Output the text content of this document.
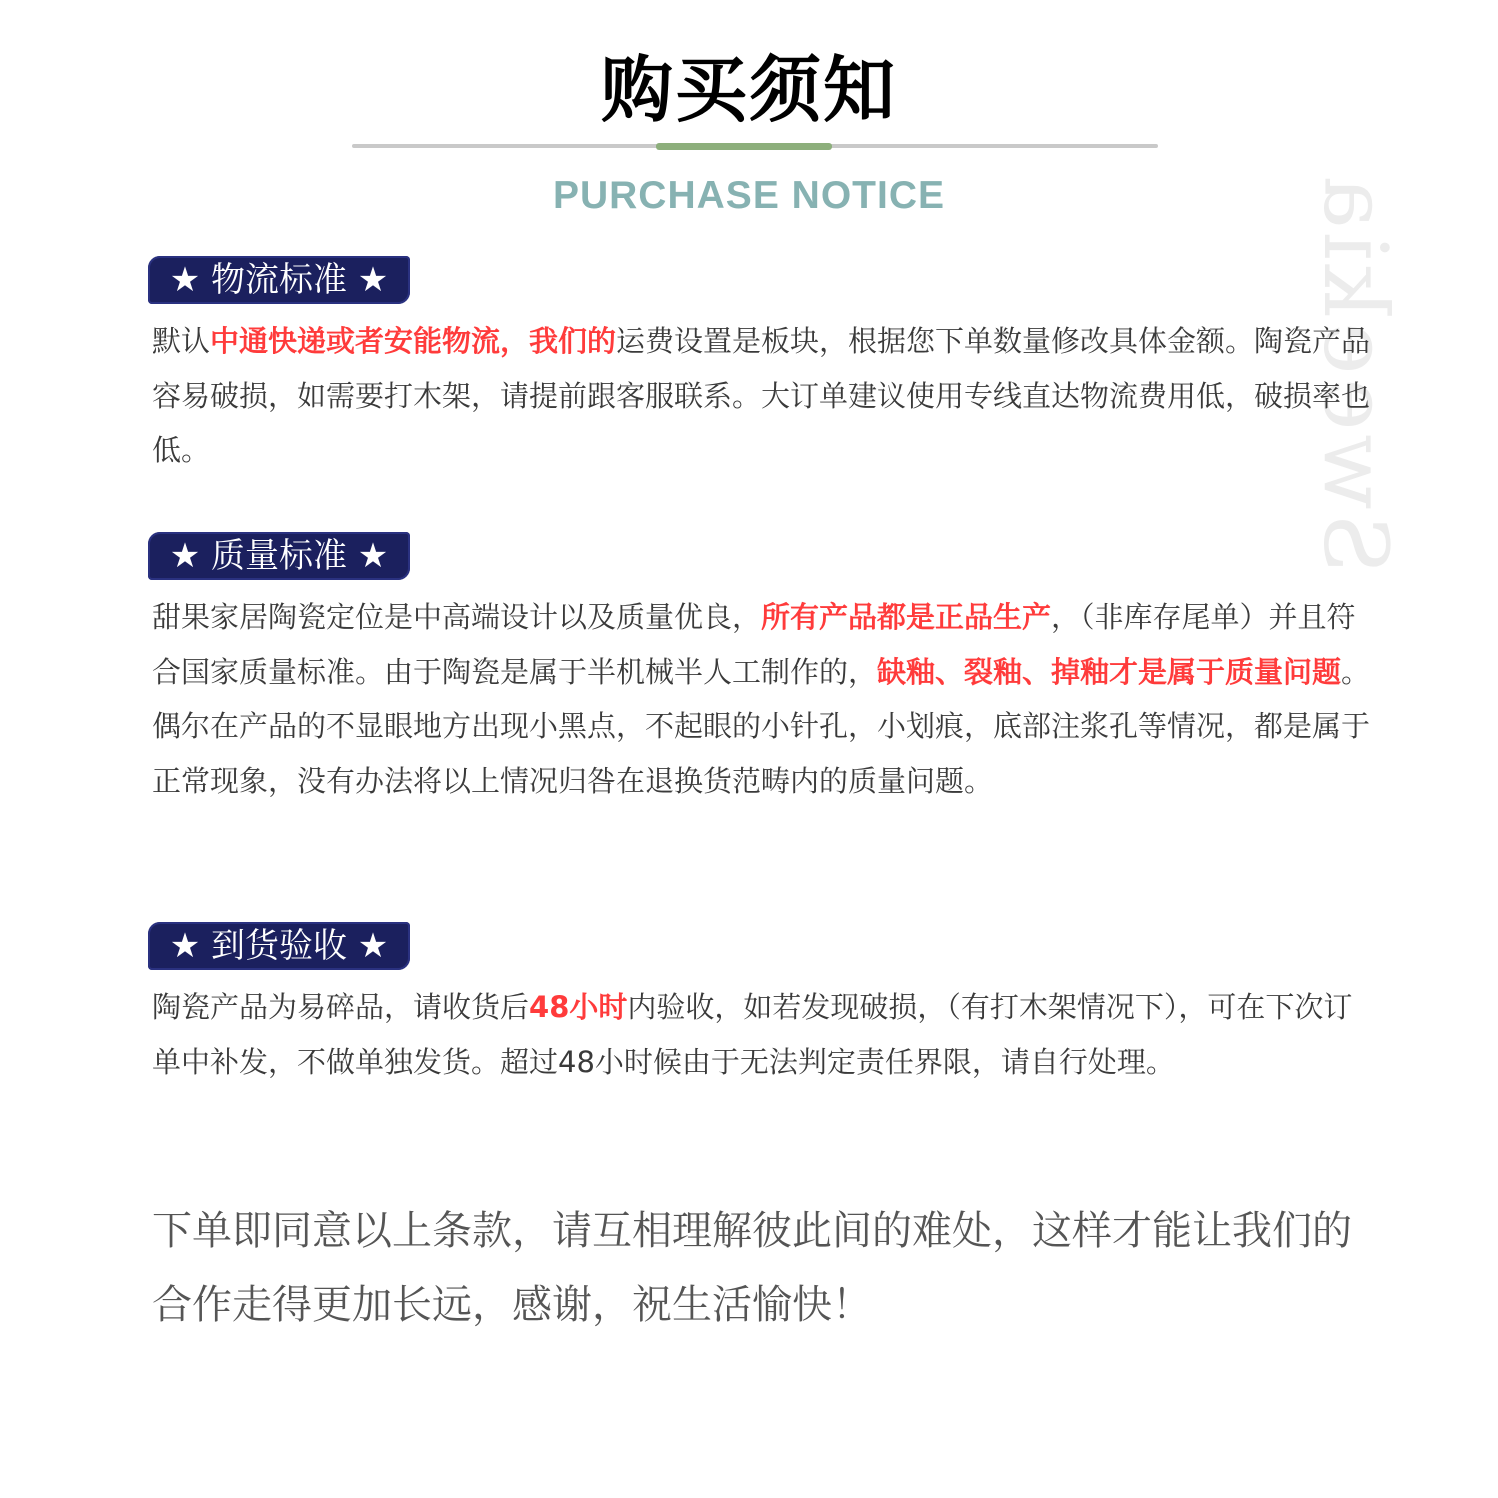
购买须知
PURCHASE NOTICE	Sweekia
★ 物流标准 ★

默认中通快递或者安能物流，我们的运费设置是板块，根据您下单数量修改具体金额。陶瓷产品容易破损，如需要打木架，请提前跟客服联系。大订单建议使用专线直达物流费用低，破损率也低。

★ 质量标准 ★

甜果家居陶瓷定位是中高端设计以及质量优良，所有产品都是正品生产，（非库存尾单）并且符合国家质量标准。由于陶瓷是属于半机械半人工制作的，缺釉、裂釉、掉釉才是属于质量问题。偶尔在产品的不显眼地方出现小黑点，不起眼的小针孔，小划痕，底部注浆孔等情况，都是属于正常现象，没有办法将以上情况归咎在退换货范畴内的质量问题。

★ 到货验收 ★

陶瓷产品为易碎品，请收货后48小时内验收，如若发现破损，（有打木架情况下），可在下次订单中补发，不做单独发货。超过48小时候由于无法判定责任界限，请自行处理。

下单即同意以上条款，请互相理解彼此间的难处，这样才能让我们的合作走得更加长远，感谢，祝生活愉快！
